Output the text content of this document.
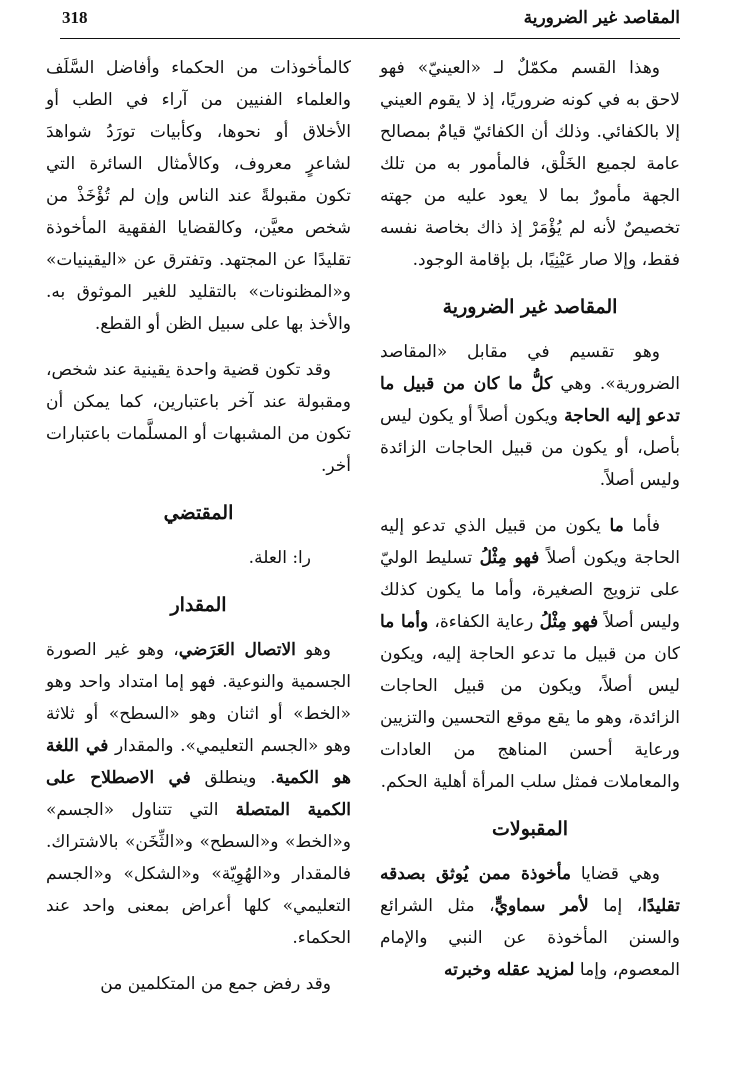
318	المقاصد غير الضرورية

وهذا القسم مكمّلٌ لـ «العينيّ» فهو لاحق به في كونه ضروريًا، إذ لا يقوم العيني إلا بالكفائي. وذلك أن الكفائيّ قيامٌ بمصالح عامة لجميع الخَلْق، فالمأمور به من تلك الجهة مأمورٌ بما لا يعود عليه من جهته تخصيصٌ لأنه لم يُؤْمَرْ إذ ذاك بخاصة نفسه فقط، وإلا صار عَيْنِيًا، بل بإقامة الوجود.

المقاصد غير الضرورية

وهو تقسيم في مقابل «المقاصد الضرورية». وهي كلُّ ما كان من قبيل ما تدعو إليه الحاجة ويكون أصلاً أو يكون ليس بأصل، أو يكون من قبيل الحاجات الزائدة وليس أصلاً.

فأما ما يكون من قبيل الذي تدعو إليه الحاجة ويكون أصلاً فهو مِثْلُ تسليط الوليّ على تزويج الصغيرة، وأما ما يكون كذلك وليس أصلاً فهو مِثْلُ رعاية الكفاءة، وأما ما كان من قبيل ما تدعو الحاجة إليه، ويكون ليس أصلاً، ويكون من قبيل الحاجات الزائدة، وهو ما يقع موقع التحسين والتزيين ورعاية أحسن المناهج من العادات والمعاملات فمثل سلب المرأة أهلية الحكم.

المقبولات

وهي قضايا مأخوذة ممن يُوثق بصدقه تقليدًا، إما لأمر سماويٍّ، مثل الشرائع والسنن المأخوذة عن النبي والإمام المعصوم، وإما لمزيد عقله وخبرته

كالمأخوذات من الحكماء وأفاضل السَّلَف والعلماء الفنيين من آراء في الطب أو الأخلاق أو نحوها، وكأبيات تورَدُ شواهدَ لشاعرٍ معروف، وكالأمثال السائرة التي تكون مقبولةً عند الناس وإن لم تُؤْخَذْ من شخص معيَّن، وكالقضايا الفقهية المأخوذة تقليدًا عن المجتهد. وتفترق عن «اليقينيات» و«المظنونات» بالتقليد للغير الموثوق به. والأخذ بها على سبيل الظن أو القطع.

وقد تكون قضية واحدة يقينية عند شخص، ومقبولة عند آخر باعتبارين، كما يمكن أن تكون من المشبهات أو المسلَّمات باعتبارات أخر.

المقتضي

را: العلة.

المقدار

وهو الاتصال العَرَضي، وهو غير الصورة الجسمية والنوعية. فهو إما امتداد واحد وهو «الخط» أو اثنان وهو «السطح» أو ثلاثة وهو «الجسم التعليمي». والمقدار في اللغة هو الكمية. وينطلق في الاصطلاح على الكمية المتصلة التي تتناول «الجسم» و«الخط» و«السطح» و«الثِّخَن» بالاشتراك. فالمقدار و«الهُوِيّة» و«الشكل» و«الجسم التعليمي» كلها أعراض بمعنى واحد عند الحكماء.

وقد رفض جمع من المتكلمين من
